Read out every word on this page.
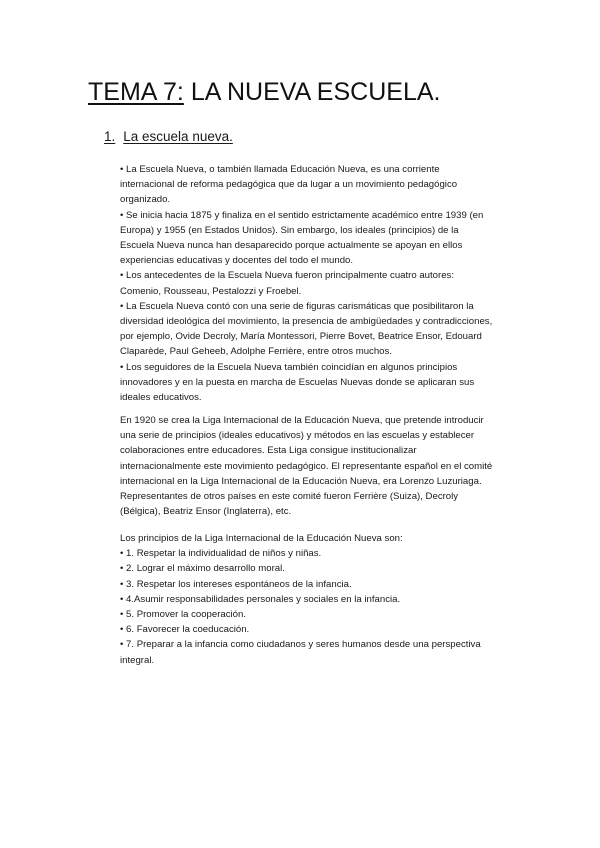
TEMA 7: LA NUEVA ESCUELA.
1. La escuela nueva.

• La Escuela Nueva, o también llamada Educación Nueva, es una corriente internacional de reforma pedagógica que da lugar a un movimiento pedagógico organizado.

• Se inicia hacia 1875 y finaliza en el sentido estrictamente académico entre 1939 (en Europa) y 1955 (en Estados Unidos). Sin embargo, los ideales (principios) de la Escuela Nueva nunca han desaparecido porque actualmente se apoyan en ellos experiencias educativas y docentes del todo el mundo.

• Los antecedentes de la Escuela Nueva fueron principalmente cuatro autores: Comenio, Rousseau, Pestalozzi y Froebel.

• La Escuela Nueva contó con una serie de figuras carismáticas que posibilitaron la diversidad ideológica del movimiento, la presencia de ambigüedades y contradicciones, por ejemplo, Ovide Decroly, María Montessori, Pierre Bovet, Beatrice Ensor, Edouard Claparède, Paul Geheeb, Adolphe Ferrière, entre otros muchos.

• Los seguidores de la Escuela Nueva también coincidían en algunos principios innovadores y en la puesta en marcha de Escuelas Nuevas donde se aplicaran sus ideales educativos.

En 1920 se crea la Liga Internacional de la Educación Nueva, que pretende introducir una serie de principios (ideales educativos) y métodos en las escuelas y establecer colaboraciones entre educadores. Esta Liga consigue institucionalizar internacionalmente este movimiento pedagógico. El representante español en el comité internacional en la Liga Internacional de la Educación Nueva, era Lorenzo Luzuriaga. Representantes de otros países en este comité fueron Ferrière (Suiza), Decroly (Bélgica), Beatriz Ensor (Inglaterra), etc.

Los principios de la Liga Internacional de la Educación Nueva son:

• 1. Respetar la individualidad de niños y niñas.

• 2. Lograr el máximo desarrollo moral.

• 3. Respetar los intereses espontáneos de la infancia.

• 4.Asumir responsabilidades personales y sociales en la infancia.

• 5. Promover la cooperación.

• 6. Favorecer la coeducación.

• 7. Preparar a la infancia como ciudadanos y seres humanos desde una perspectiva integral.
